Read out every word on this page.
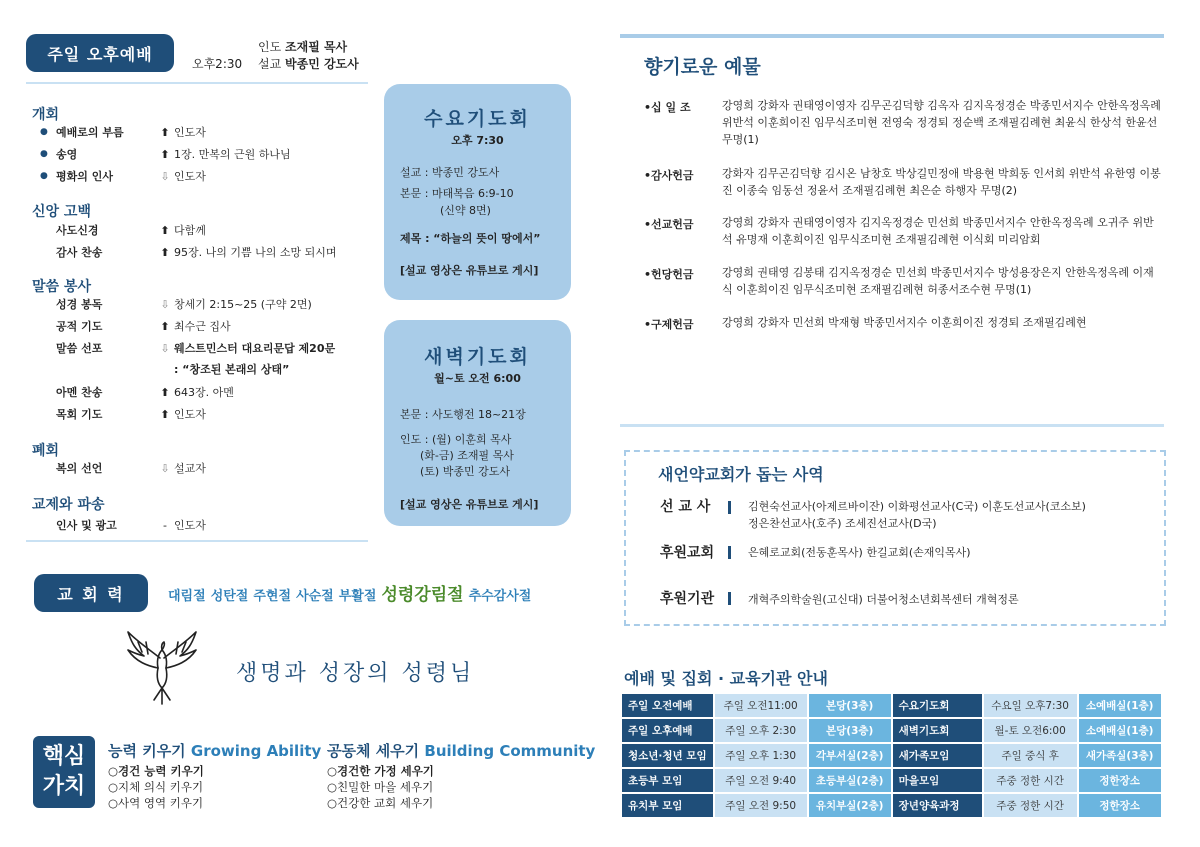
주일 오후예배
오후2:30
인도 조재필 목사
설교 박종민 강도사
개회
● 예배로의 부름	⬆ 인도자
● 송영	⬆ 1장. 만복의 근원 하나님
● 평화의 인사	⇩ 인도자
신앙 고백
사도신경	⬆ 다함께
감사 찬송	⬆ 95장. 나의 기쁨 나의 소망 되시며
말씀 봉사
성경 봉독	⇩ 창세기 2:15~25 (구약 2면)
공적 기도	⬆ 최수근 집사
말씀 선포	⇩ 웨스트민스터 대요리문답 제20문
: “창조된 본래의 상태”
아멘 찬송	⬆ 643장. 아멘
목회 기도	⬆ 인도자
폐회
복의 선언	⇩ 설교자
교제와 파송
인사 및 광고	- 인도자
수요기도회
오후 7:30
설교 : 박종민 강도사
본문 : 마태복음 6:9-10
(신약 8면)
제목 : “하늘의 뜻이 땅에서”
[설교 영상은 유튜브로 게시]
새벽기도회
월~토 오전 6:00
본문 : 사도행전 18~21장
인도 : (월) 이훈희 목사
(화-금) 조재필 목사
(토) 박종민 강도사
[설교 영상은 유튜브로 게시]
교 회 력	대림절 성탄절 주현절 사순절 부활절 성령강림절 추수감사절
생명과 성장의 성령님
핵심
가치
능력 키우기 Growing Ability
○경건 능력 키우기
○지체 의식 키우기
○사역 영역 키우기
공동체 세우기 Building Community
○경건한 가정 세우기
○친밀한 마을 세우기
○건강한 교회 세우기
향기로운 예물
•십 일 조	강영희 강화자 권태영이영자 김무곤김덕향 김옥자 김지옥정경순 박종민서지수 안한옥정옥례 위반석 이훈희이진 임무식조미현 전영숙 정경퇴 정순백 조재필김례현 최윤식 한상석 한윤선 무명(1)
•감사헌금	강화자 김무곤김덕향 김시온 남창호 박상길민정애 박용현 박희동 인서희 위반석 유한영 이봉진 이종숙 임동선 정윤서 조재필김례현 최은순 하행자 무명(2)
•선교헌금	강영희 강화자 권태영이영자 김지옥정경순 민선희 박종민서지수 안한옥정옥례 오귀주 위반석 유명재 이훈희이진 임무식조미현 조재필김례현 이식회 미리암회
•헌당헌금	강영희 권태영 김봉태 김지옥정경순 민선희 박종민서지수 방성용장은지 안한옥정옥례 이재식 이훈희이진 임무식조미현 조재필김례현 허종서조수현 무명(1)
•구제헌금	강영희 강화자 민선희 박재형 박종민서지수 이훈희이진 정경퇴 조재필김례현
새언약교회가 돕는 사역
선 교 사	김현숙선교사(아제르바이잔) 이화평선교사(C국) 이훈도선교사(코소보)
정은찬선교사(호주) 조세진선교사(D국)
후원교회	은혜로교회(전동훈목사) 한길교회(손재익목사)
후원기관	개혁주의학술원(고신대) 더불어청소년회복센터 개혁정론
예배 및 집회 · 교육기관 안내
주일 오전예배	주일 오전11:00	본당(3층)	수요기도회	수요일 오후7:30	소예배실(1층)
주일 오후예배	주일 오후 2:30	본당(3층)	새벽기도회	월-토 오전6:00	소예배실(1층)
청소년·청년 모임	주일 오후 1:30	각부서실(2층)	새가족모임	주일 중식 후	새가족실(3층)
초등부 모임	주일 오전 9:40	초등부실(2층)	마을모임	주중 정한 시간	정한장소
유치부 모임	주일 오전 9:50	유치부실(2층)	장년양육과정	주중 정한 시간	정한장소
